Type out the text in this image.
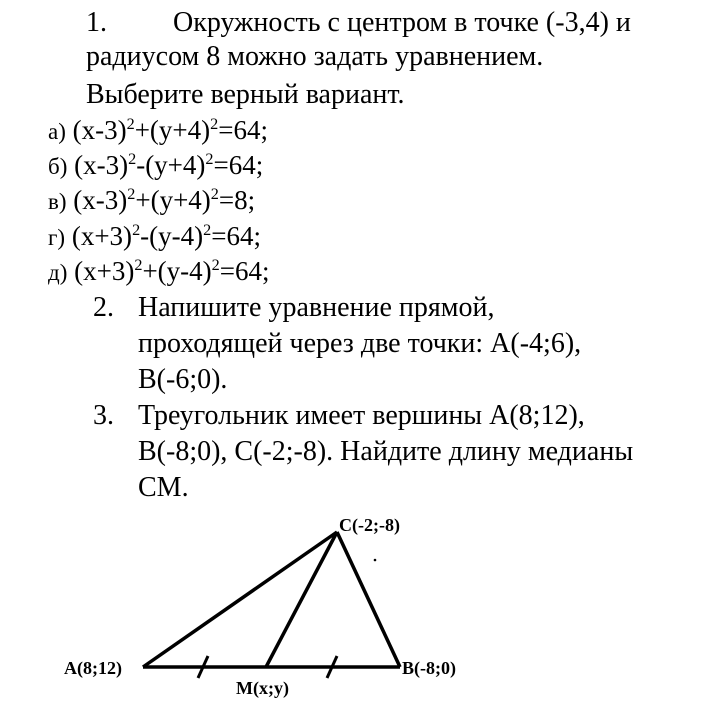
1. Окружность с центром в точке (-3,4) и
радиусом 8 можно задать уравнением.
Выберите верный вариант.
а) $(x-3)^2+(y+4)^2=64$;
б) $(x-3)^2-(y+4)^2=64$;
в) $(x-3)^2+(y+4)^2=8$;
г) $(x+3)^2-(y-4)^2=64$;
д) $(x+3)^2+(y-4)^2=64$;
2. Напишите уравнение прямой,
проходящей через две точки: A(-4;6),
B(-6;0).
3. Треугольник имеет вершины A(8;12),
B(-8;0), C(-2;-8). Найдите длину медианы
CM.
A(8;12)	B(-8;0)
C(-2;-8)
M(x;y)
